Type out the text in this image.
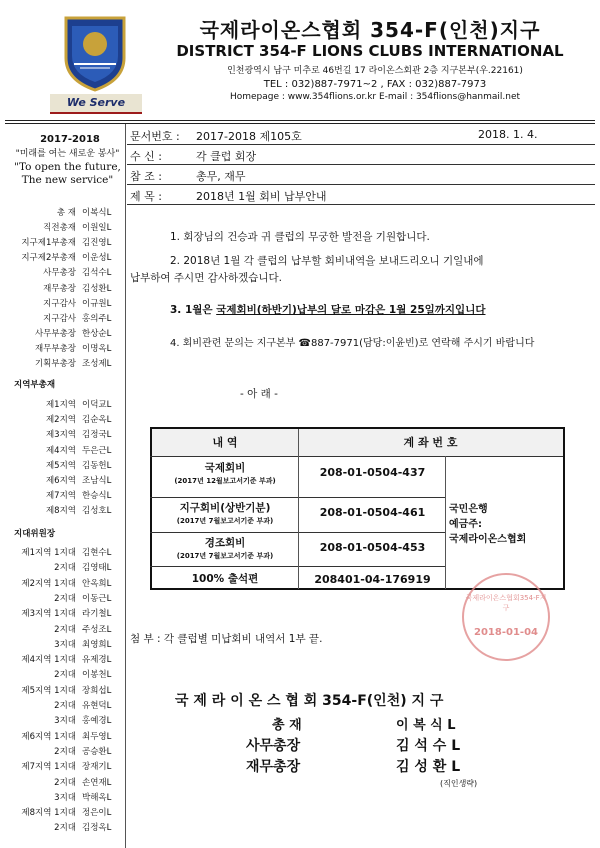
We Serve
국제라이온스협회 354-F(인천)지구
DISTRICT 354-F LIONS CLUBS INTERNATIONAL
인천광역시 남구 미추로 46번길 17 라이온스회관 2층 지구본부(우.22161)
TEL : 032)887-7971~2 , FAX : 032)887-7973
Homepage : www.354flions.or.kr E-mail : 354flions@hanmail.net
2017-2018
"미래를 여는 새로운 봉사"
"To open the future,
The new service"
총 재 이복식L
직전총재 이원일L
지구제1부총재 김진영L
지구제2부총재 이운성L
사무총장 김석수L
재무총장 김성환L
지구감사 이규원L
지구감사 홍의주L
사무부총장 한상순L
재무부총장 이명옥L
기획부총장 조성제L
지역부총재
제1지역 이덕교L
제2지역 김순옥L
제3지역 김정국L
제4지역 두은근L
제5지역 김동헌L
제6지역 조남식L
제7지역 한승식L
제8지역 김성호L
지대위원장
제1지역 1지대 김현수L
2지대 김영태L
제2지역 1지대 안옥희L
2지대 이동근L
제3지역 1지대 라기철L
2지대 주성조L
3지대 최영희L
제4지역 1지대 유제경L
2지대 이봉천L
제5지역 1지대 장희섭L
2지대 유현덕L
3지대 홍예경L
제6지역 1지대 최두영L
2지대 공승환L
제7지역 1지대 장재기L
2지대 손연재L
3지대 박해옥L
제8지역 1지대 정은이L
2지대 김정옥L
문서번호 : 2017-2018 제105호	2018. 1. 4.
수 신 :	각 클럽 회장
참 조 :	총무, 재무
제 목 :	2018년 1월 회비 납부안내
1. 회장님의 건승과 귀 클럽의 무궁한 발전을 기원합니다.
2. 2018년 1월 각 클럽의 납부할 회비내역을 보내드리오니 기일내에
납부하여 주시면 감사하겠습니다.
3. 1월은 국제회비(하반기)납부의 달로 마감은 1월 25일까지입니다
4. 회비관련 문의는 지구본부 ☎887-7971(담당:이윤빈)로 연락해 주시기 바랍니다
- 아 래 -
내 역	계 좌 번 호
국제회비
(2017년 12월보고서기준 부과)
208-01-0504-437
지구회비(상반기분)
(2017년 7월보고서기준 부과)
208-01-0504-461
경조회비
(2017년 7월보고서기준 부과)
208-01-0504-453
100% 출석편	208401-04-176919
국민은행
예금주:
국제라이온스협회
국제라이온스협회354-F지구
2018-01-04
첨 부 : 각 클럽별 미납회비 내역서 1부 끝.
국 제 라 이 온 스 협 회 354-F(인천) 지 구
총 재	이 복 식 L
사무총장	김 석 수 L
재무총장	김 성 환 L
(직인생략)
